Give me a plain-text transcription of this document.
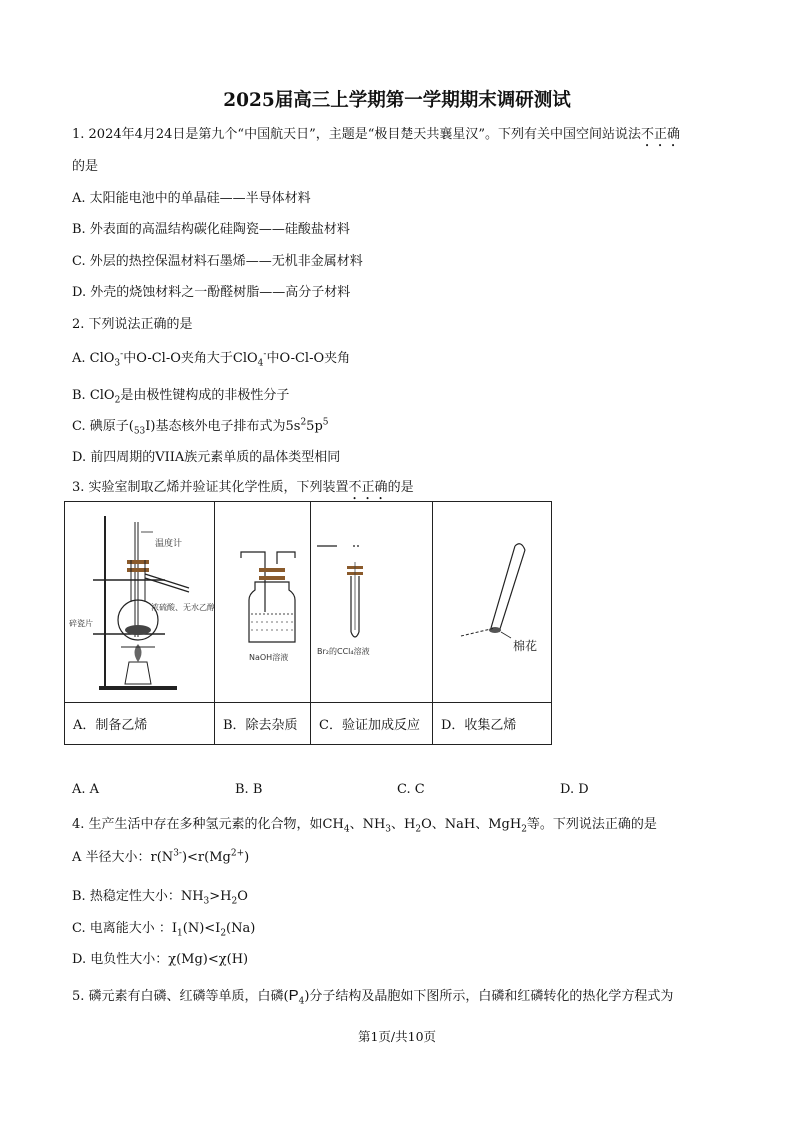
2025届高三上学期第一学期期末调研测试
1. 2024年4月24日是第九个“中国航天日”，主题是“极目楚天共襄星汉”。下列有关中国空间站说法不正确
的是
A. 太阳能电池中的单晶硅——半导体材料
B. 外表面的高温结构碳化硅陶瓷——硅酸盐材料
C. 外层的热控保温材料石墨烯——无机非金属材料
D. 外壳的烧蚀材料之一酚醛树脂——高分子材料
2. 下列说法正确的是
A. ClO$_3$-中O-Cl-O夹角大于ClO$_4$-中O-Cl-O夹角
B. ClO$_2$是由极性键构成的非极性分子
C. 碘原子$(_{53}I)$基态核外电子排布式为$5s^25p^5$
D. 前四周期的VIIA族元素单质的晶体类型相同
3. 实验室制取乙烯并验证其化学性质，下列装置不正确的是
温度计
浓硫酸、无水乙醇
碎瓷片	NaOH溶液	Br₂的CCl₄溶液	棉花

A．制备乙烯	B．除去杂质	C．验证加成反应	D．收集乙烯
A. A	B. B	C. C	D. D
4. 生产生活中存在多种氢元素的化合物，如$CH_4$、$NH_3$、$H_2O$、NaH、MgH$_2$等。下列说法正确的是
A 半径大小：$r(N^{3-})<r(Mg^{2+})$
B. 热稳定性大小：$NH_3>H_2O$
C. 电离能大小 ：$I_1(N)<I_2(Na)$
D. 电负性大小：χ(Mg)<χ(H)
5. 磷元素有白磷、红磷等单质，白磷$(P_4)$分子结构及晶胞如下图所示，白磷和红磷转化的热化学方程式为
第1页/共10页
